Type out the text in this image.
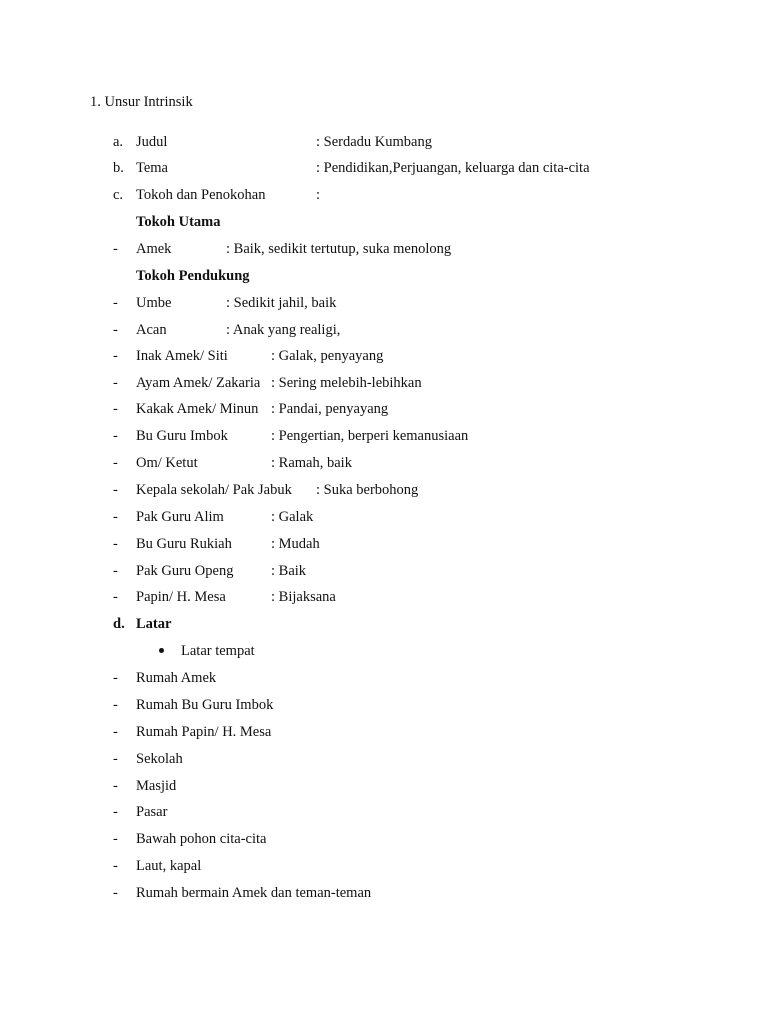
1. Unsur Intrinsik
a. Judul	: Serdadu Kumbang
b. Tema	: Pendidikan,Perjuangan, keluarga dan cita-cita
c. Tokoh dan Penokohan	:
Tokoh Utama
- Amek	: Baik, sedikit tertutup, suka menolong
Tokoh Pendukung
- Umbe	: Sedikit jahil, baik
- Acan	: Anak yang realigi,
- Inak Amek/ Siti	: Galak, penyayang
- Ayam Amek/ Zakaria : Sering melebih-lebihkan
- Kakak Amek/ Minun : Pandai, penyayang
- Bu Guru Imbok	: Pengertian, berperi kemanusiaan
- Om/ Ketut	: Ramah, baik
- Kepala sekolah/ Pak Jabuk : Suka berbohong
- Pak Guru Alim	: Galak
- Bu Guru Rukiah	: Mudah
- Pak Guru Openg	: Baik
- Papin/ H. Mesa	: Bijaksana
d. Latar
Latar tempat
- Rumah Amek
- Rumah Bu Guru Imbok
- Rumah Papin/ H. Mesa
- Sekolah
- Masjid
- Pasar
- Bawah pohon cita-cita
- Laut, kapal
- Rumah bermain Amek dan teman-teman
